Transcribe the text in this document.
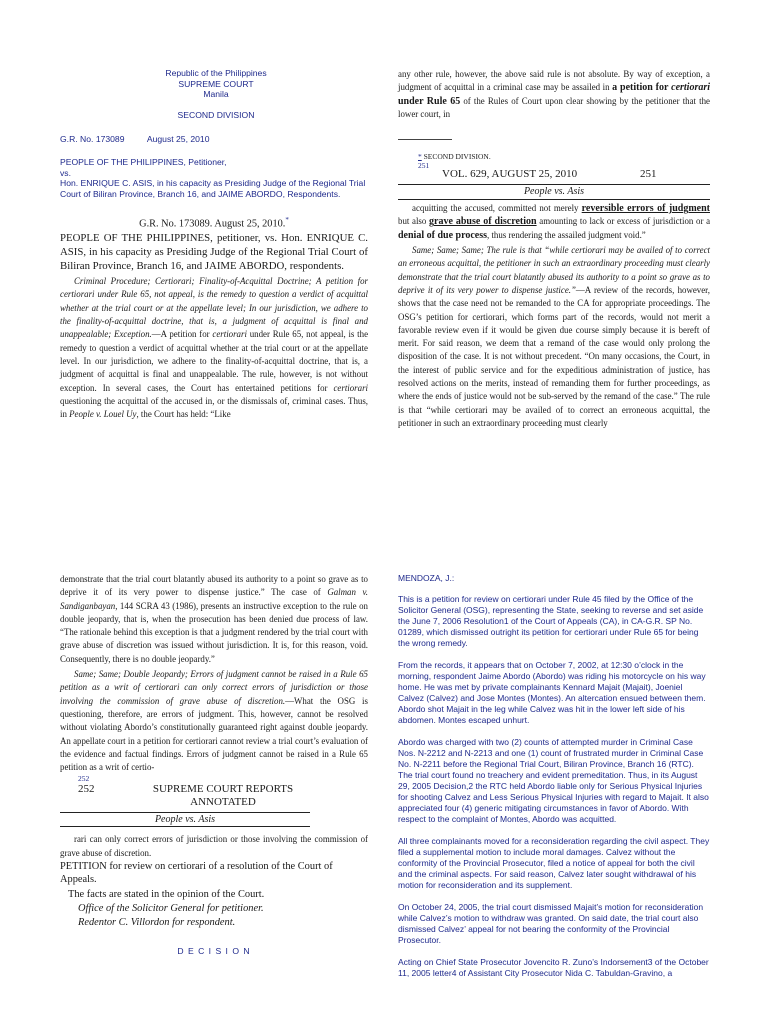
Republic of the Philippines
SUPREME COURT
Manila
SECOND DIVISION
G.R. No. 173089	August 25, 2010
PEOPLE OF THE PHILIPPINES, Petitioner,
vs.
Hon. ENRIQUE C. ASIS, in his capacity as Presiding Judge of the Regional Trial Court of Biliran Province, Branch 16, and JAIME ABORDO, Respondents.
G.R. No. 173089. August 25, 2010.*
PEOPLE OF THE PHILIPPINES, petitioner, vs. Hon. ENRIQUE C. ASIS, in his capacity as Presiding Judge of the Regional Trial Court of Biliran Province, Branch 16, and JAIME ABORDO, respondents.
Criminal Procedure; Certiorari; Finality-of-Acquittal Doctrine; A petition for certiorari under Rule 65, not appeal, is the remedy to question a verdict of acquittal whether at the trial court or at the appellate level; In our jurisdiction, we adhere to the finality-of-acquittal doctrine, that is, a judgment of acquittal is final and unappealable; Exception.—A petition for certiorari under Rule 65, not appeal, is the remedy to question a verdict of acquittal whether at the trial court or at the appellate level. In our jurisdiction, we adhere to the finality-of-acquittal doctrine, that is, a judgment of acquittal is final and unappealable. The rule, however, is not without exception. In several cases, the Court has entertained petitions for certiorari questioning the acquittal of the accused in, or the dismissals of, criminal cases. Thus, in People v. Louel Uy, the Court has held: “Like
any other rule, however, the above said rule is not absolute. By way of exception, a judgment of acquittal in a criminal case may be assailed in a petition for certiorari under Rule 65 of the Rules of Court upon clear showing by the petitioner that the lower court, in
* SECOND DIVISION.
251
VOL. 629, AUGUST 25, 2010	251
People vs. Asis
acquitting the accused, committed not merely reversible errors of judgment but also grave abuse of discretion amounting to lack or excess of jurisdiction or a denial of due process, thus rendering the assailed judgment void.”
Same; Same; Same; The rule is that “while certiorari may be availed of to correct an erroneous acquittal, the petitioner in such an extraordinary proceeding must clearly demonstrate that the trial court blatantly abused its authority to a point so grave as to deprive it of its very power to dispense justice.”—A review of the records, however, shows that the case need not be remanded to the CA for appropriate proceedings. The OSG’s petition for certiorari, which forms part of the records, would not merit a favorable review even if it would be given due course simply because it is bereft of merit. For said reason, we deem that a remand of the case would only prolong the disposition of the case. It is not without precedent. “On many occasions, the Court, in the interest of public service and for the expeditious administration of justice, has resolved actions on the merits, instead of remanding them for further proceedings, as where the ends of justice would not be sub-served by the remand of the case.” The rule is that “while certiorari may be availed of to correct an erroneous acquittal, the petitioner in such an extraordinary proceeding must clearly
demonstrate that the trial court blatantly abused its authority to a point so grave as to deprive it of its very power to dispense justice.” The case of Galman v. Sandiganbayan, 144 SCRA 43 (1986), presents an instructive exception to the rule on double jeopardy, that is, when the prosecution has been denied due process of law. “The rationale behind this exception is that a judgment rendered by the trial court with grave abuse of discretion was issued without jurisdiction. It is, for this reason, void. Consequently, there is no double jeopardy.”
Same; Same; Double Jeopardy; Errors of judgment cannot be raised in a Rule 65 petition as a writ of certiorari can only correct errors of jurisdiction or those involving the commission of grave abuse of discretion.—What the OSG is questioning, therefore, are errors of judgment. This, however, cannot be resolved without violating Abordo’s constitutionally guaranteed right against double jeopardy. An appellate court in a petition for certiorari cannot review a trial court’s evaluation of the evidence and factual findings. Errors of judgment cannot be raised in a Rule 65 petition as a writ of certio-
252
252	SUPREME COURT REPORTS ANNOTATED
People vs. Asis
rari can only correct errors of jurisdiction or those involving the commission of grave abuse of discretion.
PETITION for review on certiorari of a resolution of the Court of Appeals.
The facts are stated in the opinion of the Court.
Office of the Solicitor General for petitioner.
Redentor C. Villordon for respondent.
D E C I S I O N
MENDOZA, J.:
This is a petition for review on certiorari under Rule 45 filed by the Office of the Solicitor General (OSG), representing the State, seeking to reverse and set aside the June 7, 2006 Resolution1 of the Court of Appeals (CA), in CA-G.R. SP No. 01289, which dismissed outright its petition for certiorari under Rule 65 for being the wrong remedy.
From the records, it appears that on October 7, 2002, at 12:30 o’clock in the morning, respondent Jaime Abordo (Abordo) was riding his motorcycle on his way home. He was met by private complainants Kennard Majait (Majait), Joeniel Calvez (Calvez) and Jose Montes (Montes). An altercation ensued between them. Abordo shot Majait in the leg while Calvez was hit in the lower left side of his abdomen. Montes escaped unhurt.
Abordo was charged with two (2) counts of attempted murder in Criminal Case Nos. N-2212 and N-2213 and one (1) count of frustrated murder in Criminal Case No. N-2211 before the Regional Trial Court, Biliran Province, Branch 16 (RTC). The trial court found no treachery and evident premeditation. Thus, in its August 29, 2005 Decision,2 the RTC held Abordo liable only for Serious Physical Injuries for shooting Calvez and Less Serious Physical Injuries with regard to Majait. It also appreciated four (4) generic mitigating circumstances in favor of Abordo. With respect to the complaint of Montes, Abordo was acquitted.
All three complainants moved for a reconsideration regarding the civil aspect. They filed a supplemental motion to include moral damages. Calvez without the conformity of the Provincial Prosecutor, filed a notice of appeal for both the civil and the criminal aspects. For said reason, Calvez later sought withdrawal of his motion for reconsideration and its supplement.
On October 24, 2005, the trial court dismissed Majait’s motion for reconsideration while Calvez’s motion to withdraw was granted. On said date, the trial court also dismissed Calvez’ appeal for not bearing the conformity of the Provincial Prosecutor.
Acting on Chief State Prosecutor Jovencito R. Zuno’s Indorsement3 of the October 11, 2005 letter4 of Assistant City Prosecutor Nida C. Tabuldan-Gravino, a
